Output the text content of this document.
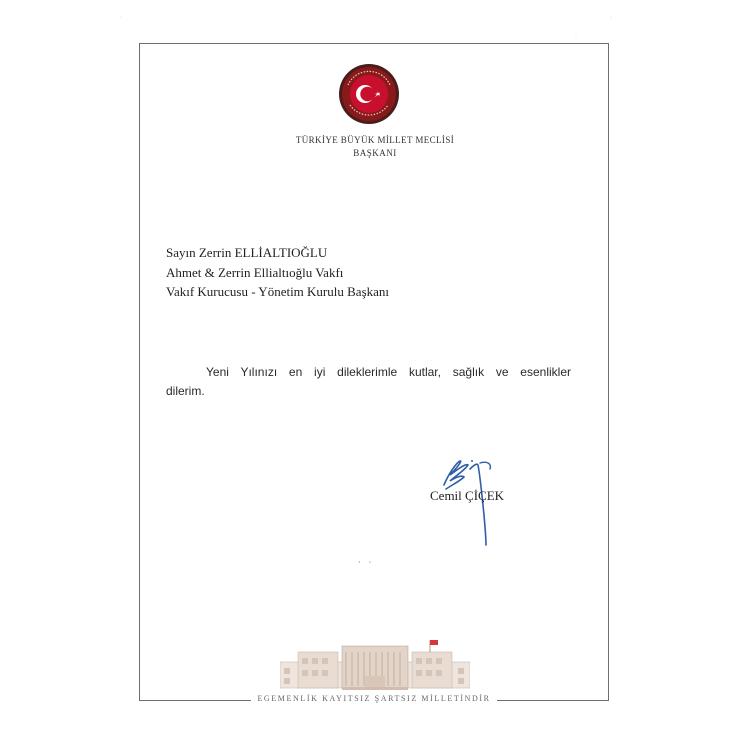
TÜRKİYE BÜYÜK MİLLET MECLİSİ
BAŞKANI
Sayın Zerrin ELLİALTIOĞLU
Ahmet & Zerrin Ellialtıoğlu Vakfı
Vakıf Kurucusu - Yönetim Kurulu Başkanı
Yeni Yılınızı en iyi dileklerimle kutlar, sağlık ve esenlikler
dilerim.
Cemil ÇİÇEK
· ·
EGEMENLİK KAYITSIZ ŞARTSIZ MİLLETİNDİR
·
·
·
